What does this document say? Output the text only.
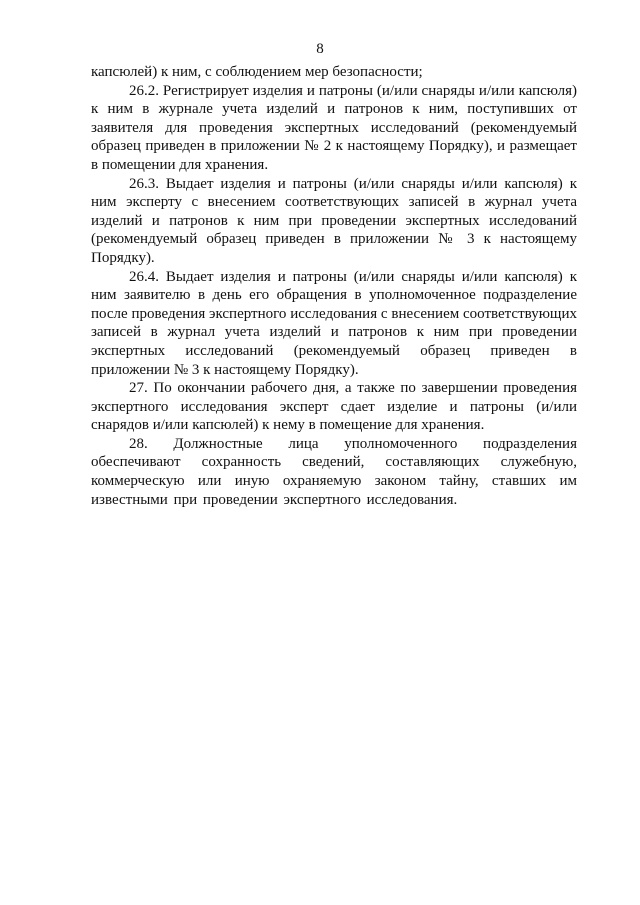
8

капсюлей) к ним, с соблюдением мер безопасности;

26.2. Регистрирует изделия и патроны (и/или снаряды и/или капсюля) к ним в журнале учета изделий и патронов к ним, поступивших от заявителя для проведения экспертных исследований (рекомендуемый образец приведен в приложении № 2 к настоящему Порядку), и размещает в помещении для хранения.

26.3. Выдает изделия и патроны (и/или снаряды и/или капсюля) к ним эксперту с внесением соответствующих записей в журнал учета изделий и патронов к ним при проведении экспертных исследований (рекомендуемый образец приведен в приложении № 3 к настоящему Порядку).

26.4. Выдает изделия и патроны (и/или снаряды и/или капсюля) к ним заявителю в день его обращения в уполномоченное подразделение после проведения экспертного исследования с внесением соответствующих записей в журнал учета изделий и патронов к ним при проведении экспертных исследований (рекомендуемый образец приведен в приложении № 3 к настоящему Порядку).

27. По окончании рабочего дня, а также по завершении проведения экспертного исследования эксперт сдает изделие и патроны (и/или снарядов и/или капсюлей) к нему в помещение для хранения.

28. Должностные лица уполномоченного подразделения обеспечивают сохранность сведений, составляющих служебную, коммерческую или иную охраняемую законом тайну, ставших им известными при проведении экспертного исследования.
